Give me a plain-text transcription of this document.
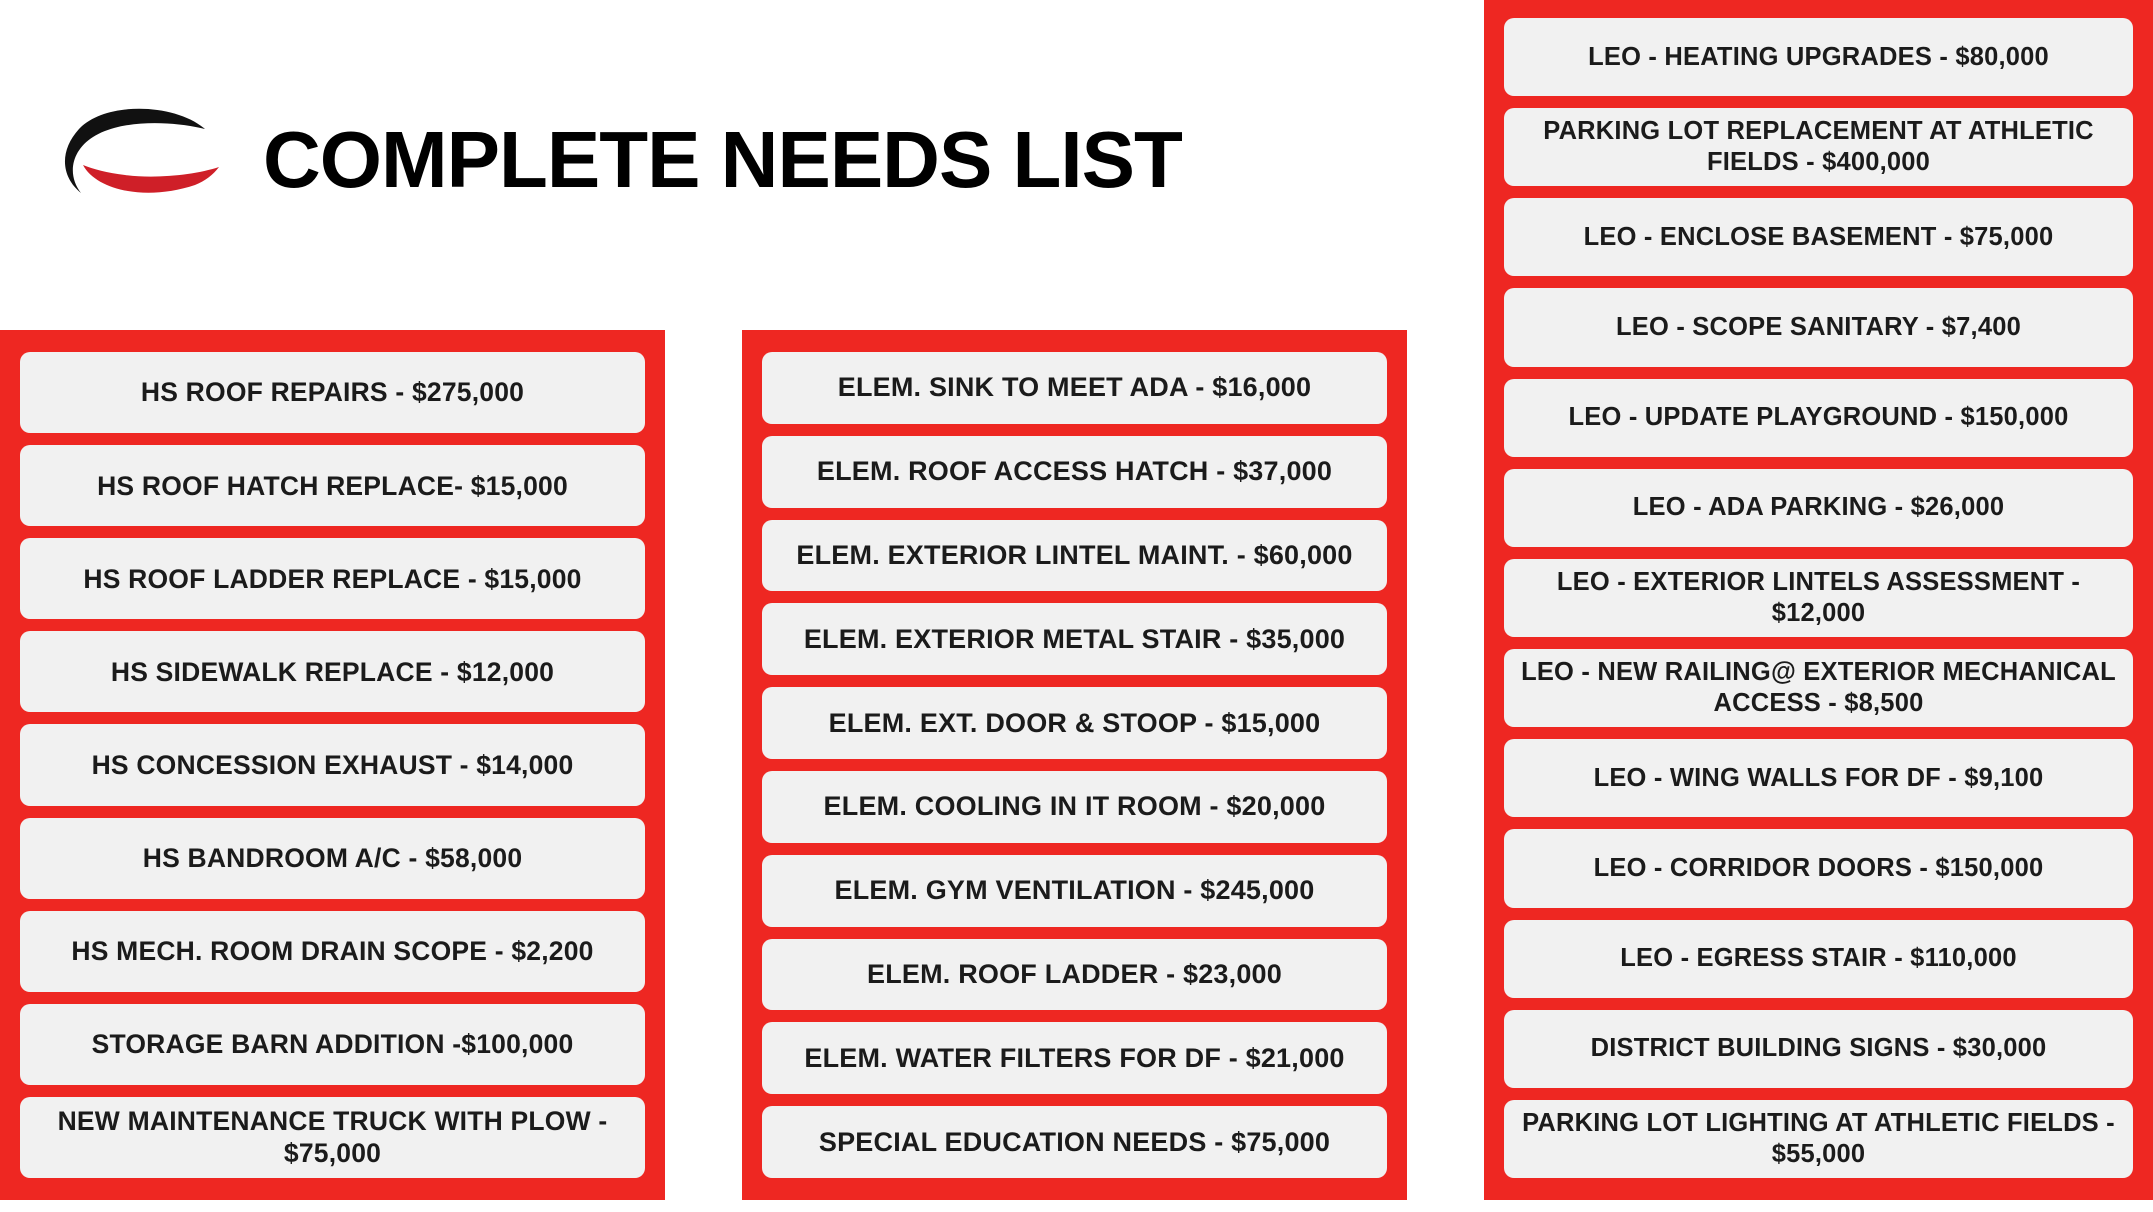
COMPLETE NEEDS LIST
HS ROOF REPAIRS - $275,000
HS ROOF HATCH REPLACE- $15,000
HS ROOF LADDER REPLACE - $15,000
HS SIDEWALK REPLACE - $12,000
HS CONCESSION EXHAUST - $14,000
HS BANDROOM A/C - $58,000
HS MECH. ROOM DRAIN SCOPE - $2,200
STORAGE BARN ADDITION -$100,000
NEW MAINTENANCE TRUCK WITH PLOW - $75,000
ELEM. SINK TO MEET ADA - $16,000
ELEM. ROOF ACCESS HATCH - $37,000
ELEM. EXTERIOR LINTEL MAINT. - $60,000
ELEM. EXTERIOR METAL STAIR - $35,000
ELEM. EXT. DOOR & STOOP - $15,000
ELEM. COOLING IN IT ROOM - $20,000
ELEM. GYM VENTILATION - $245,000
ELEM. ROOF LADDER - $23,000
ELEM. WATER FILTERS FOR DF - $21,000
SPECIAL EDUCATION NEEDS - $75,000
LEO - HEATING UPGRADES - $80,000
PARKING LOT REPLACEMENT AT ATHLETIC FIELDS - $400,000
LEO - ENCLOSE BASEMENT - $75,000
LEO - SCOPE SANITARY - $7,400
LEO - UPDATE PLAYGROUND - $150,000
LEO - ADA PARKING - $26,000
LEO - EXTERIOR LINTELS ASSESSMENT - $12,000
LEO - NEW RAILING@ EXTERIOR MECHANICAL ACCESS - $8,500
LEO - WING WALLS FOR DF - $9,100
LEO - CORRIDOR DOORS - $150,000
LEO - EGRESS STAIR - $110,000
DISTRICT BUILDING SIGNS - $30,000
PARKING LOT LIGHTING AT ATHLETIC FIELDS - $55,000
